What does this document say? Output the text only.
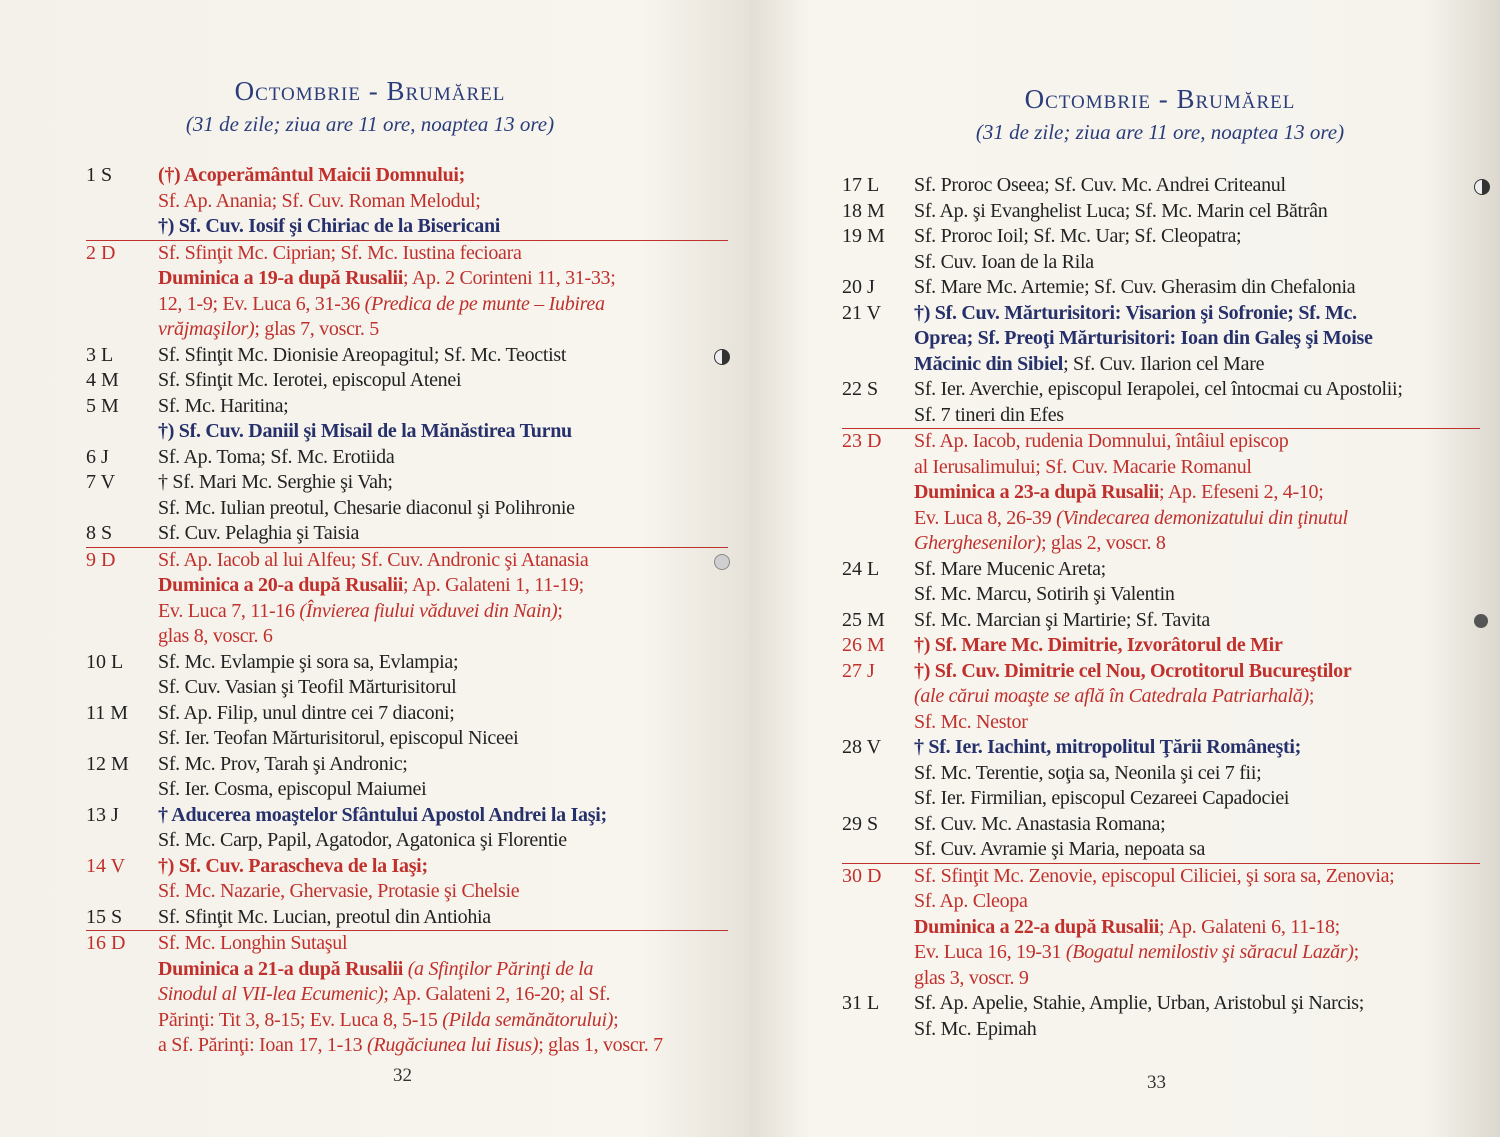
Octombrie - Brumărel
(31 de zile; ziua are 11 ore, noaptea 13 ore)
1 S	(†) Acoperământul Maicii Domnului;
Sf. Ap. Anania; Sf. Cuv. Roman Melodul;
†) Sf. Cuv. Iosif şi Chiriac de la Bisericani
2 D	Sf. Sfinţit Mc. Ciprian; Sf. Mc. Iustina fecioara
Duminica a 19-a după Rusalii; Ap. 2 Corinteni 11, 31-33;
12, 1-9; Ev. Luca 6, 31-36 (Predica de pe munte – Iubirea
vrăjmaşilor); glas 7, voscr. 5
3 L	Sf. Sfinţit Mc. Dionisie Areopagitul; Sf. Mc. Teoctist
4 M	Sf. Sfinţit Mc. Ierotei, episcopul Atenei
5 M	Sf. Mc. Haritina;
†) Sf. Cuv. Daniil şi Misail de la Mănăstirea Turnu
6 J	Sf. Ap. Toma; Sf. Mc. Erotiida
7 V	† Sf. Mari Mc. Serghie şi Vah;
Sf. Mc. Iulian preotul, Chesarie diaconul şi Polihronie
8 S	Sf. Cuv. Pelaghia şi Taisia
9 D	Sf. Ap. Iacob al lui Alfeu; Sf. Cuv. Andronic şi Atanasia
Duminica a 20-a după Rusalii; Ap. Galateni 1, 11-19;
Ev. Luca 7, 11-16 (Învierea fiului văduvei din Nain);
glas 8, voscr. 6
10 L	Sf. Mc. Evlampie şi sora sa, Evlampia;
Sf. Cuv. Vasian şi Teofil Mărturisitorul
11 M	Sf. Ap. Filip, unul dintre cei 7 diaconi;
Sf. Ier. Teofan Mărturisitorul, episcopul Niceei
12 M	Sf. Mc. Prov, Tarah şi Andronic;
Sf. Ier. Cosma, episcopul Maiumei
13 J	† Aducerea moaştelor Sfântului Apostol Andrei la Iaşi;
Sf. Mc. Carp, Papil, Agatodor, Agatonica şi Florentie
14 V	†) Sf. Cuv. Parascheva de la Iaşi;
Sf. Mc. Nazarie, Ghervasie, Protasie şi Chelsie
15 S	Sf. Sfinţit Mc. Lucian, preotul din Antiohia
16 D	Sf. Mc. Longhin Sutaşul
Duminica a 21-a după Rusalii (a Sfinţilor Părinţi de la
Sinodul al VII-lea Ecumenic); Ap. Galateni 2, 16-20; al Sf.
Părinţi: Tit 3, 8-15; Ev. Luca 8, 5-15 (Pilda semănătorului);
a Sf. Părinţi: Ioan 17, 1-13 (Rugăciunea lui Iisus); glas 1, voscr. 7
32
Octombrie - Brumărel
(31 de zile; ziua are 11 ore, noaptea 13 ore)
17 L	Sf. Proroc Oseea; Sf. Cuv. Mc. Andrei Criteanul
18 M	Sf. Ap. şi Evanghelist Luca; Sf. Mc. Marin cel Bătrân
19 M	Sf. Proroc Ioil; Sf. Mc. Uar; Sf. Cleopatra;
Sf. Cuv. Ioan de la Rila
20 J	Sf. Mare Mc. Artemie; Sf. Cuv. Gherasim din Chefalonia
21 V	†) Sf. Cuv. Mărturisitori: Visarion şi Sofronie; Sf. Mc.
Oprea; Sf. Preoţi Mărturisitori: Ioan din Galeş şi Moise
Măcinic din Sibiel; Sf. Cuv. Ilarion cel Mare
22 S	Sf. Ier. Averchie, episcopul Ierapolei, cel întocmai cu Apostolii;
Sf. 7 tineri din Efes
23 D	Sf. Ap. Iacob, rudenia Domnului, întâiul episcop
al Ierusalimului; Sf. Cuv. Macarie Romanul
Duminica a 23-a după Rusalii; Ap. Efeseni 2, 4-10;
Ev. Luca 8, 26-39 (Vindecarea demonizatului din ţinutul
Gherghesenilor); glas 2, voscr. 8
24 L	Sf. Mare Mucenic Areta;
Sf. Mc. Marcu, Sotirih şi Valentin
25 M	Sf. Mc. Marcian şi Martirie; Sf. Tavita
26 M	†) Sf. Mare Mc. Dimitrie, Izvorâtorul de Mir
27 J	†) Sf. Cuv. Dimitrie cel Nou, Ocrotitorul Bucureştilor
(ale cărui moaşte se află în Catedrala Patriarhală);
Sf. Mc. Nestor
28 V	† Sf. Ier. Iachint, mitropolitul Ţării Româneşti;
Sf. Mc. Terentie, soţia sa, Neonila şi cei 7 fii;
Sf. Ier. Firmilian, episcopul Cezareei Capadociei
29 S	Sf. Cuv. Mc. Anastasia Romana;
Sf. Cuv. Avramie şi Maria, nepoata sa
30 D	Sf. Sfinţit Mc. Zenovie, episcopul Ciliciei, şi sora sa, Zenovia;
Sf. Ap. Cleopa
Duminica a 22-a după Rusalii; Ap. Galateni 6, 11-18;
Ev. Luca 16, 19-31 (Bogatul nemilostiv şi săracul Lazăr);
glas 3, voscr. 9
31 L	Sf. Ap. Apelie, Stahie, Amplie, Urban, Aristobul şi Narcis;
Sf. Mc. Epimah
33
